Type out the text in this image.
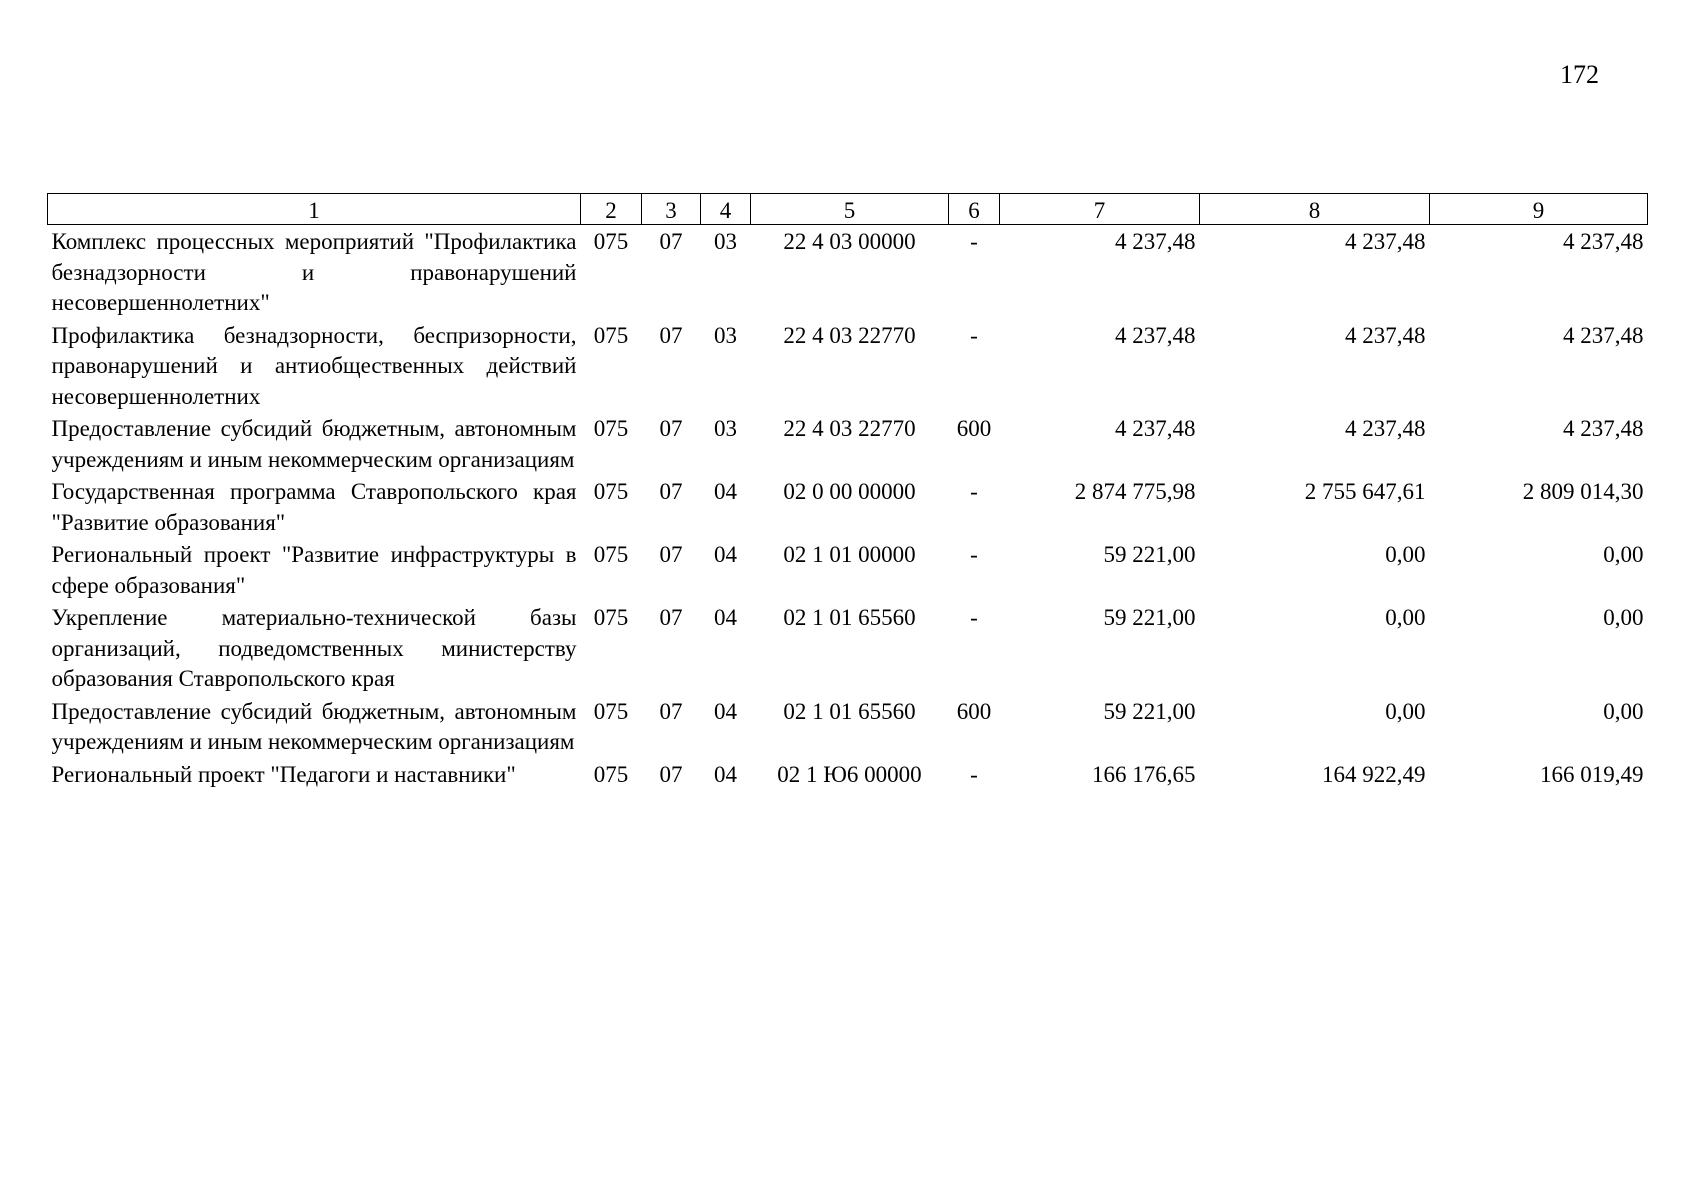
172
1	2	3	4	5	6	7	8	9
Комплекс процессных мероприятий "Профилактика безнадзорности и правонарушений несовершеннолетних"	075	07	03	22 4 03 00000	-	4 237,48	4 237,48	4 237,48
Профилактика безнадзорности, беспризорности, правонарушений и антиобщественных действий несовершеннолетних	075	07	03	22 4 03 22770	-	4 237,48	4 237,48	4 237,48
Предоставление субсидий бюджетным, автономным учреждениям и иным некоммерческим организациям	075	07	03	22 4 03 22770	600	4 237,48	4 237,48	4 237,48
Государственная программа Ставропольского края "Развитие образования"	075	07	04	02 0 00 00000	-	2 874 775,98	2 755 647,61	2 809 014,30
Региональный проект "Развитие инфраструктуры в сфере образования"	075	07	04	02 1 01 00000	-	59 221,00	0,00	0,00
Укрепление материально-технической базы организаций, подведомственных министерству образования Ставропольского края	075	07	04	02 1 01 65560	-	59 221,00	0,00	0,00
Предоставление субсидий бюджетным, автономным учреждениям и иным некоммерческим организациям	075	07	04	02 1 01 65560	600	59 221,00	0,00	0,00
Региональный проект "Педагоги и наставники"	075	07	04	02 1 Ю6 00000	-	166 176,65	164 922,49	166 019,49
